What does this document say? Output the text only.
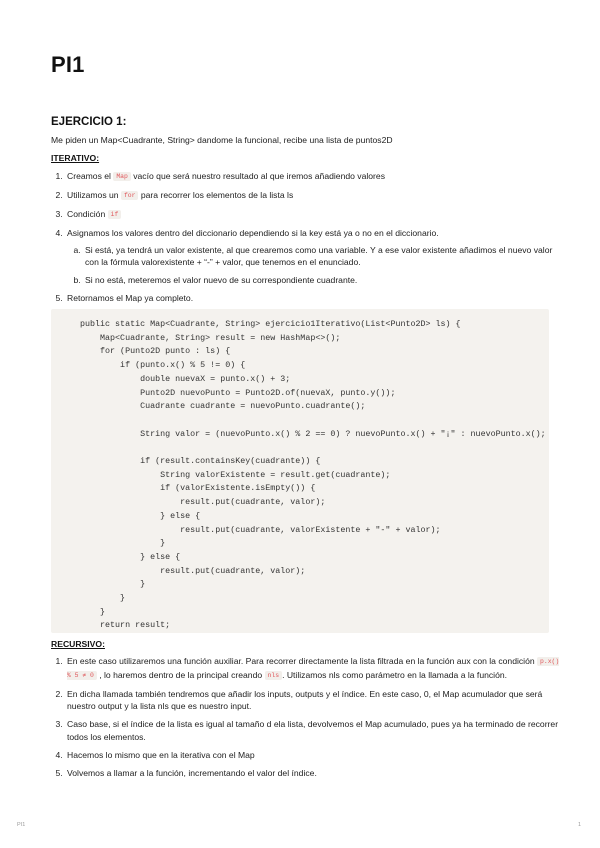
PI1
EJERCICIO 1:

Me piden un Map<Cuadrante, String> dandome la funcional, recibe una lista de puntos2D

ITERATIVO:

1. Creamos el Map vacío que será nuestro resultado al que iremos añadiendo valores
2. Utilizamos un for para recorrer los elementos de la lista ls
3. Condición if
4. Asignamos los valores dentro del diccionario dependiendo si la key está ya o no en el diccionario.
a. Si está, ya tendrá un valor existente, al que crearemos como una variable. Y a ese valor existente añadimos el nuevo valor con la fórmula valorexistente + “-” + valor, que tenemos en el enunciado.
b. Si no está, meteremos el valor nuevo de su correspondiente cuadrante.
5. Retornamos el Map ya completo.
public static Map<Cuadrante, String> ejercicio1Iterativo(List<Punto2D> ls) {
Map<Cuadrante, String> result = new HashMap<>();
for (Punto2D punto : ls) {
if (punto.x() % 5 != 0) {
double nuevaX = punto.x() + 3;
Punto2D nuevoPunto = Punto2D.of(nuevaX, punto.y());
Cuadrante cuadrante = nuevoPunto.cuadrante();

String valor = (nuevoPunto.x() % 2 == 0) ? nuevoPunto.x() + "¡" : nuevoPunto.x();

if (result.containsKey(cuadrante)) {
String valorExistente = result.get(cuadrante);
if (valorExistente.isEmpty()) {
result.put(cuadrante, valor);
} else {
result.put(cuadrante, valorExistente + "-" + valor);
}
} else {
result.put(cuadrante, valor);
}
}
}
return result;

RECURSIVO:

1. En este caso utilizaremos una función auxiliar. Para recorrer directamente la lista filtrada en la función aux con la condición p.x() % 5 ≠ 0 , lo haremos dentro de la principal creando nls . Utilizamos nls como parámetro en la llamada a la función.
2. En dicha llamada también tendremos que añadir los inputs, outputs y el índice. En este caso, 0, el Map acumulador que será nuestro output y la lista nls que es nuestro input.
3. Caso base, si el índice de la lista es igual al tamaño d ela lista, devolvemos el Map acumulado, pues ya ha terminado de recorrer todos los elementos.
4. Hacemos lo mismo que en la iterativa con el Map
5. Volvemos a llamar a la función, incrementando el valor del índice.
PI1	1
